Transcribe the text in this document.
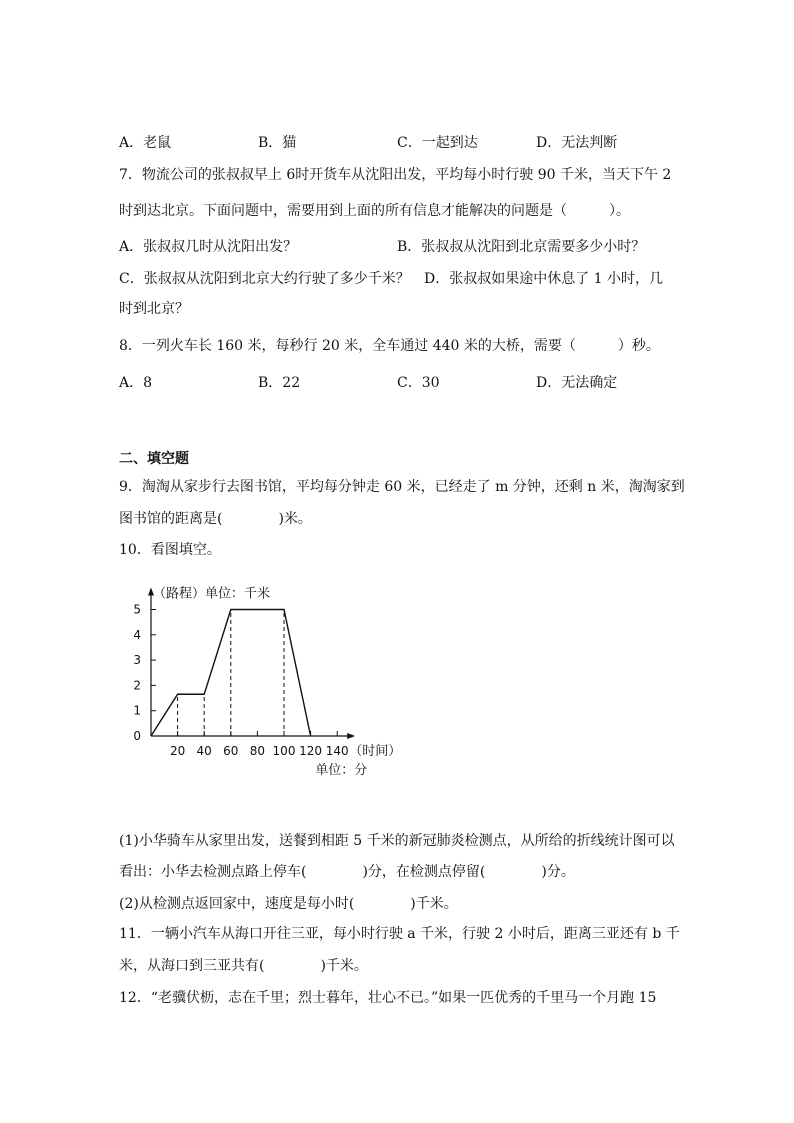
A．老鼠	B．猫	C．一起到达	D．无法判断
7．物流公司的张叔叔早上 6时开货车从沈阳出发，平均每小时行驶 90 千米，当天下午 2
时到达北京。下面问题中，需要用到上面的所有信息才能解决的问题是（　　　）。
A．张叔叔几时从沈阳出发？	B．张叔叔从沈阳到北京需要多少小时？
C．张叔叔从沈阳到北京大约行驶了多少千米？ D．张叔叔如果途中休息了 1 小时，几
时到北京？
8．一列火车长 160 米，每秒行 20 米，全车通过 440 米的大桥，需要（　　　）秒。
A．8	B．22	C．30	D．无法确定
二、填空题
9．淘淘从家步行去图书馆，平均每分钟走 60 米，已经走了 m 分钟，还剩 n 米，淘淘家到
图书馆的距离是(　　　　)米。
10．看图填空。
1
2
3
4
5
0
20 40 60 80 100 120 140
（路程）单位：千米
（时间）
单位：分
(1)小华骑车从家里出发，送餐到相距 5 千米的新冠肺炎检测点，从所给的折线统计图可以
看出：小华去检测点路上停车(　　　　)分，在检测点停留(　　　　)分。
(2)从检测点返回家中，速度是每小时(　　　　)千米。
11．一辆小汽车从海口开往三亚，每小时行驶 a 千米，行驶 2 小时后，距离三亚还有 b 千
米，从海口到三亚共有(　　　　)千米。
12．“老骥伏枥，志在千里；烈士暮年，壮心不已。”如果一匹优秀的千里马一个月跑 15
